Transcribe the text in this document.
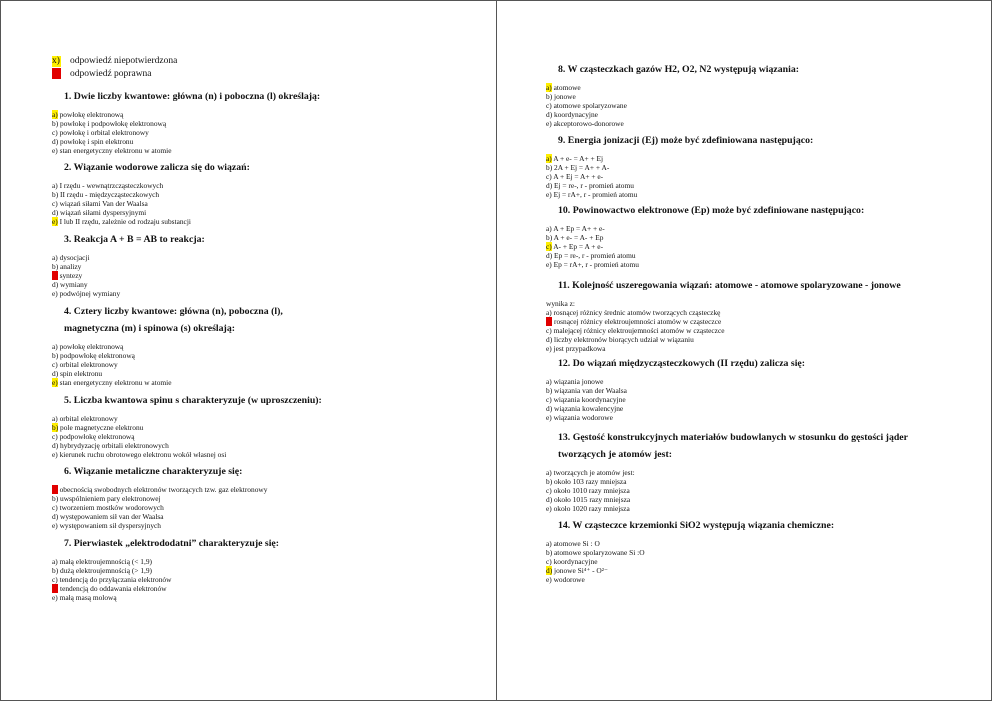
x) odpowiedź niepotwierdzona
odpowiedź poprawna
1. Dwie liczby kwantowe: główna (n) i poboczna (l) określają:
a) powłokę elektronową
b) powłokę i podpowłokę elektronową
c) powłokę i orbital elektronowy
d) powłokę i spin elektronu
e) stan energetyczny elektronu w atomie
2. Wiązanie wodorowe zalicza się do wiązań:
a) I rzędu - wewnątrzcząsteczkowych
b) II rzędu - międzycząsteczkowych
c) wiązań siłami Van der Waalsa
d) wiązań siłami dyspersyjnymi
e) I lub II rzędu, zależnie od rodzaju substancji
3. Reakcja A + B = AB to reakcja:
a) dysocjacji
b) analizy
c) syntezy
d) wymiany
e) podwójnej wymiany
4. Cztery liczby kwantowe: główna (n), poboczna (l), magnetyczna (m) i spinowa (s) określają:
a) powłokę elektronową
b) podpowłokę elektronową
c) orbital elektronowy
d) spin elektronu
e) stan energetyczny elektronu w atomie
5. Liczba kwantowa spinu s charakteryzuje (w uproszczeniu):
a) orbital elektronowy
b) pole magnetyczne elektronu
c) podpowłokę elektronową
d) hybrydyzację orbitali elektronowych
e) kierunek ruchu obrotowego elektronu wokół własnej osi
6. Wiązanie metaliczne charakteryzuje się:
a) obecnością swobodnych elektronów tworzących tzw. gaz elektronowy
b) uwspólnieniem pary elektronowej
c) tworzeniem mostków wodorowych
d) występowaniem sił van der Waalsa
e) występowaniem sił dyspersyjnych
7. Pierwiastek „elektrododatni” charakteryzuje się:
a) małą elektroujemnością (< 1,9)
b) dużą elektroujemnością (> 1,9)
c) tendencją do przyłączania elektronów
d) tendencją do oddawania elektronów
e) małą masą molową
8. W cząsteczkach gazów H2, O2, N2 występują wiązania:
a) atomowe
b) jonowe
c) atomowe spolaryzowane
d) koordynacyjne
e) akceptorowo-donorowe
9. Energia jonizacji (Ej) może być zdefiniowana następująco:
a) A + e- = A+ + Ej
b) 2A + Ej = A+ + A-
c) A + Ej = A+ + e-
d) Ej = re-, r - promień atomu
e) Ej = rA+, r - promień atomu
10. Powinowactwo elektronowe (Ep) może być zdefiniowane następująco:
a) A + Ep = A+ + e-
b) A + e- = A- + Ep
c) A- + Ep = A + e-
d) Ep = re-, r - promień atomu
e) Ep = rA+, r - promień atomu
11. Kolejność uszeregowania wiązań: atomowe - atomowe spolaryzowane - jonowe
wynika z:
a) rosnącej różnicy średnic atomów tworzących cząsteczkę
b) rosnącej różnicy elektroujemności atomów w cząsteczce
c) malejącej różnicy elektroujemności atomów w cząsteczce
d) liczby elektronów biorących udział w wiązaniu
e) jest przypadkowa
12. Do wiązań międzycząsteczkowych (II rzędu) zalicza się:
a) wiązania jonowe
b) wiązania van der Waalsa
c) wiązania koordynacyjne
d) wiązania kowalencyjne
e) wiązania wodorowe
13. Gęstość konstrukcyjnych materiałów budowlanych w stosunku do gęstości jąder tworzących je atomów jest:
a) tworzących je atomów jest:
b) około 103 razy mniejsza
c) około 1010 razy mniejsza
d) około 1015 razy mniejsza
e) około 1020 razy mniejsza
14. W cząsteczce krzemionki SiO2 występują wiązania chemiczne:
a) atomowe Si : O
b) atomowe spolaryzowane Si :O
c) koordynacyjne
d) jonowe Si⁴⁺ - O²⁻
e) wodorowe
